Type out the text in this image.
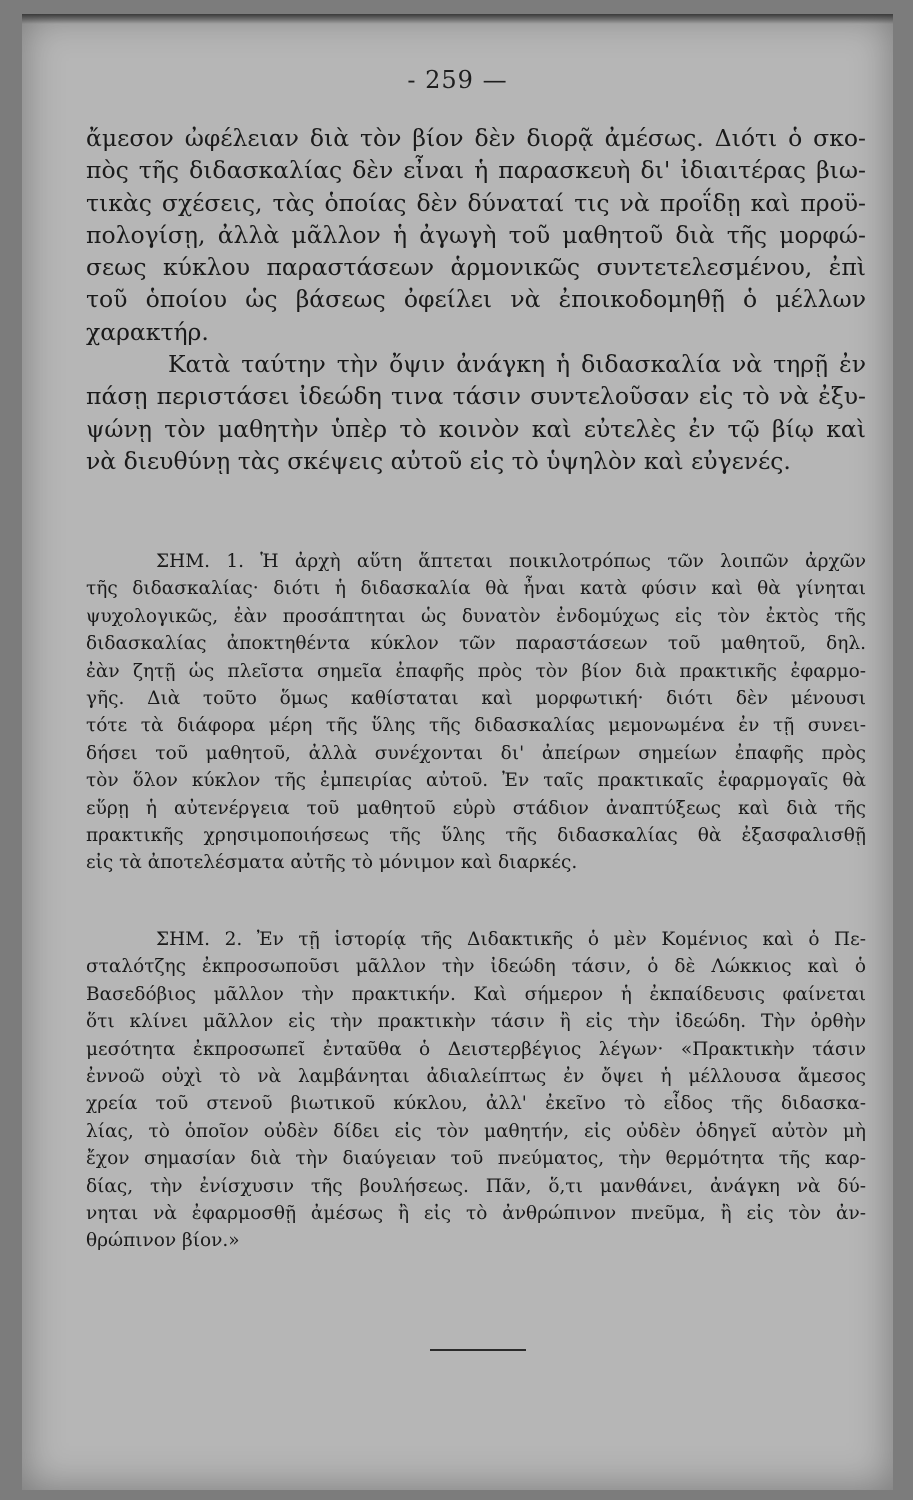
- 259 —
ἄμεσον ὠφέλειαν διὰ τὸν βίον δὲν διορᾷ ἀμέσως. Διότι ὁ σκο-
πὸς τῆς διδασκαλίας δὲν εἶναι ἡ παρασκευὴ δι' ἰδιαιτέρας βιω-
τικὰς σχέσεις, τὰς ὁποίας δὲν δύναταί τις νὰ προΐδῃ καὶ προϋ-
πολογίσῃ, ἀλλὰ μᾶλλον ἡ ἀγωγὴ τοῦ μαθητοῦ διὰ τῆς μορφώ-
σεως κύκλου παραστάσεων ἁρμονικῶς συντετελεσμένου, ἐπὶ
τοῦ ὁποίου ὡς βάσεως ὀφείλει νὰ ἐποικοδομηθῇ ὁ μέλλων
χαρακτήρ.
Κατὰ ταύτην τὴν ὄψιν ἀνάγκη ἡ διδασκαλία νὰ τηρῇ ἐν
πάσῃ περιστάσει ἰδεώδη τινα τάσιν συντελοῦσαν εἰς τὸ νὰ ἐξυ-
ψώνῃ τὸν μαθητὴν ὑπὲρ τὸ κοινὸν καὶ εὐτελὲς ἐν τῷ βίῳ καὶ
νὰ διευθύνῃ τὰς σκέψεις αὐτοῦ εἰς τὸ ὑψηλὸν καὶ εὐγενές.
ΣΗΜ. 1. Ἡ ἀρχὴ αὕτη ἅπτεται ποικιλοτρόπως τῶν λοιπῶν ἀρχῶν
τῆς διδασκαλίας· διότι ἡ διδασκαλία θὰ ἦναι κατὰ φύσιν καὶ θὰ γίνηται
ψυχολογικῶς, ἐὰν προσάπτηται ὡς δυνατὸν ἐνδομύχως εἰς τὸν ἐκτὸς τῆς
διδασκαλίας ἀποκτηθέντα κύκλον τῶν παραστάσεων τοῦ μαθητοῦ, δηλ.
ἐὰν ζητῇ ὡς πλεῖστα σημεῖα ἐπαφῆς πρὸς τὸν βίον διὰ πρακτικῆς ἐφαρμο-
γῆς. Διὰ τοῦτο ὅμως καθίσταται καὶ μορφωτική· διότι δὲν μένουσι
τότε τὰ διάφορα μέρη τῆς ὕλης τῆς διδασκαλίας μεμονωμένα ἐν τῇ συνει-
δήσει τοῦ μαθητοῦ, ἀλλὰ συνέχονται δι' ἀπείρων σημείων ἐπαφῆς πρὸς
τὸν ὅλον κύκλον τῆς ἐμπειρίας αὐτοῦ. Ἐν ταῖς πρακτικαῖς ἐφαρμογαῖς θὰ
εὕρῃ ἡ αὐτενέργεια τοῦ μαθητοῦ εὐρὺ στάδιον ἀναπτύξεως καὶ διὰ τῆς
πρακτικῆς χρησιμοποιήσεως τῆς ὕλης τῆς διδασκαλίας θὰ ἐξασφαλισθῇ
εἰς τὰ ἀποτελέσματα αὐτῆς τὸ μόνιμον καὶ διαρκές.
ΣΗΜ. 2. Ἐν τῇ ἱστορίᾳ τῆς Διδακτικῆς ὁ μὲν Κομένιος καὶ ὁ Πε-
σταλότζης ἐκπροσωποῦσι μᾶλλον τὴν ἰδεώδη τάσιν, ὁ δὲ Λώκκιος καὶ ὁ
Βασεδόβιος μᾶλλον τὴν πρακτικήν. Καὶ σήμερον ἡ ἐκπαίδευσις φαίνεται
ὅτι κλίνει μᾶλλον εἰς τὴν πρακτικὴν τάσιν ἢ εἰς τὴν ἰδεώδη. Τὴν ὀρθὴν
μεσότητα ἐκπροσωπεῖ ἐνταῦθα ὁ Δειστερβέγιος λέγων· «Πρακτικὴν τάσιν
ἐννοῶ οὐχὶ τὸ νὰ λαμβάνηται ἀδιαλείπτως ἐν ὄψει ἡ μέλλουσα ἄμεσος
χρεία τοῦ στενοῦ βιωτικοῦ κύκλου, ἀλλ' ἐκεῖνο τὸ εἶδος τῆς διδασκα-
λίας, τὸ ὁποῖον οὐδὲν δίδει εἰς τὸν μαθητήν, εἰς οὐδὲν ὁδηγεῖ αὐτὸν μὴ
ἔχον σημασίαν διὰ τὴν διαύγειαν τοῦ πνεύματος, τὴν θερμότητα τῆς καρ-
δίας, τὴν ἐνίσχυσιν τῆς βουλήσεως. Πᾶν, ὅ,τι μανθάνει, ἀνάγκη νὰ δύ-
νηται νὰ ἐφαρμοσθῇ ἀμέσως ἢ εἰς τὸ ἀνθρώπινον πνεῦμα, ἢ εἰς τὸν ἀν-
θρώπινον βίον.»
